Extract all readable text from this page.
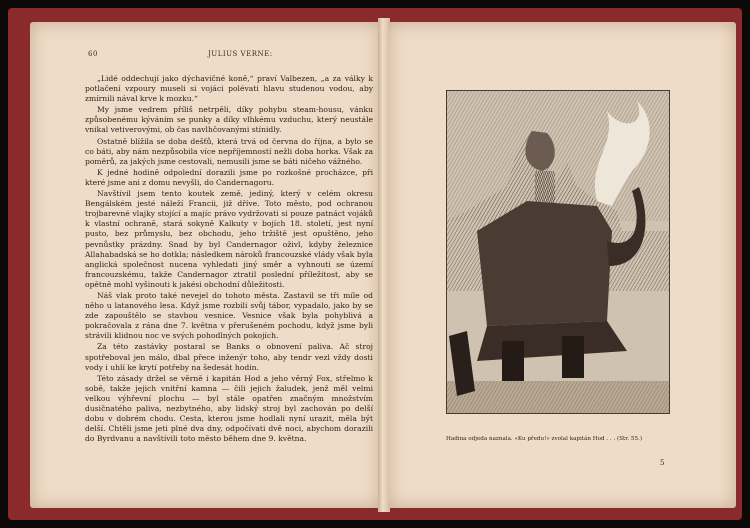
60	JULIUS VERNE:

„Lidé oddechují jako dýchavičné koně,“ praví Valbezen, „a za války k potlačení vzpoury museli si vojáci polévati hlavu studenou vodou, aby zmírnili nával krve k mozku.“

My jsme vedrem příliš netrpěli, díky pohybu steam-housu, vánku způsobenému kýváním se punky a díky vlhkému vzduchu, který neustále vnikal vetiverovými, ob čas navlhčovanými stínidly.

Ostatně blížila se doba dešťů, která trvá od června do října, a bylo se co báti, aby nám nezpůsobila více nepříjemností nežli doba horka. Však za poměrů, za jakých jsme cestovali, nemusili jsme se báti ničeho vážného.

K jedné hodině odpolední dorazili jsme po rozkošné procházce, při které jsme ani z domu nevyšli, do Candernagoru.

Navštívil jsem tento koutek země, jediný, který v celém okresu Bengálském jesté náleží Francii, již dříve. Toto město, pod ochranou trojbarevné vlajky stojící a majíc právo vydržovati si pouze patnáct vojáků k vlastní ochraně, stará sokyně Kalkuty v bojích 18. století, jest nyní pusto, bez průmyslu, bez obchodu, jeho tržiště jest opuštěno, jeho pevnůstky prázdny. Snad by byl Candernagor oživl, kdyby železnice Allahabadská se ho dotkla; následkem nároků francouzské vlády však byla anglická společnost nucena vyhledati jiný směr a vyhnouti se území francouzskému, takže Candernagor ztratil poslední příležitost, aby se opětně mohl vyšinouti k jakési obchodní důležitosti.

Náš vlak proto také nevejel do tohoto města. Zastavil se tři míle od něho u latanového lesa. Když jsme rozbili svůj tábor, vypadalo, jako by se zde zapouštělo se stavbou vesnice. Vesnice však byla pohyblivá a pokračovala z rána dne 7. května v přerušeném pochodu, když jsme byli strávili klidnou noc ve svých pohodlných pokojích.

Za této zastávky postaral se Banks o obnovení paliva. Ač stroj spotřeboval jen málo, dbal přece inženýr toho, aby tendr vezl vždy dosti vody i uhlí ke krytí potřeby na šedesát hodin.

Této zásady držel se věrně i kapitán Hod a jeho věrný Fox, střelmo k sobě, takže jejich vnitřní kamna — čili jejich žaludek, jenž měl velmi velkou výhřevní plochu — byl stále opatřen značným množstvím dusičnatého paliva, nezbytného, aby lidský stroj byl zachován po delší dobu v dobrém chodu. Cesta, kterou jsme hodlali nyní urazit, měla být delší. Chtěli jsme jeti plné dva dny, odpočívati dvě noci, abychom dorazili do Byrdvanu a navštívili toto město během dne 9. května.	Hadina odjeda naznala. «Ku předu!» zvolal kapitán Hod . . . (Str. 55.)
5
